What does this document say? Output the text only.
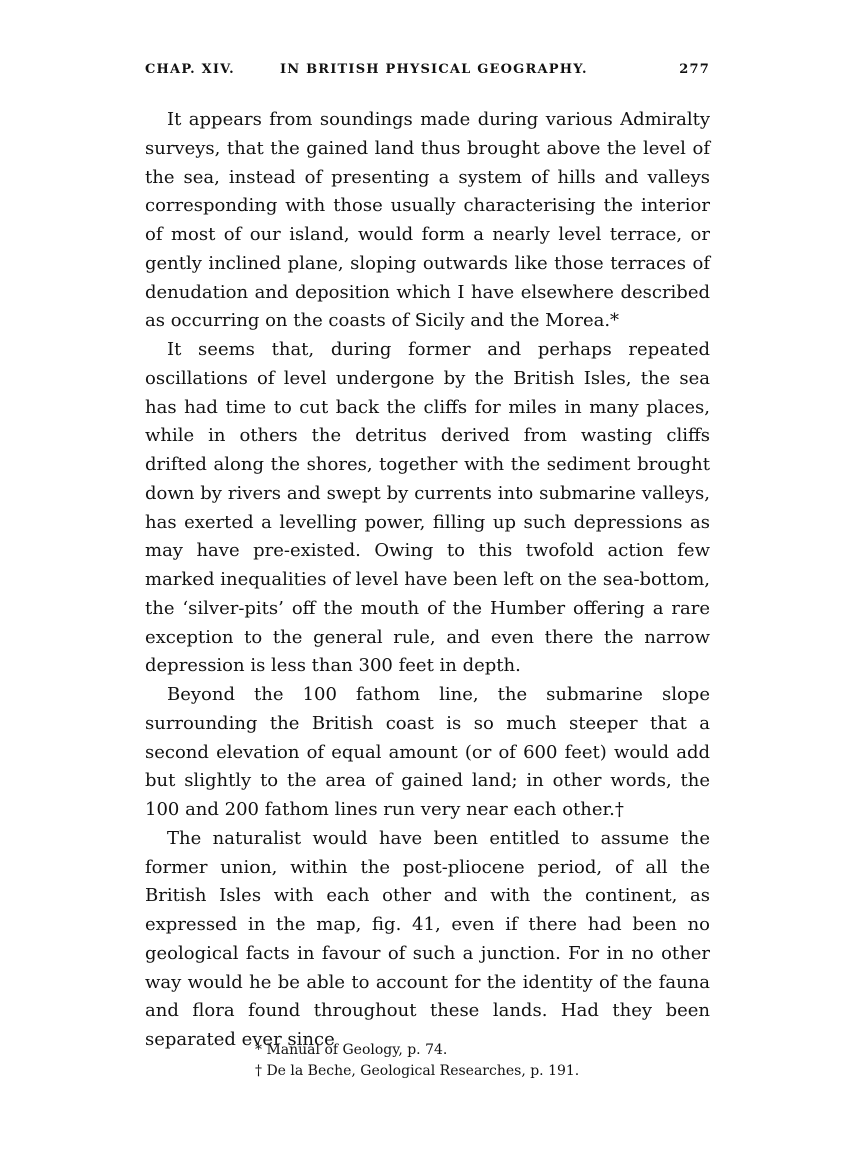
CHAP. XIV.	IN BRITISH PHYSICAL GEOGRAPHY.	277

It appears from soundings made during various Admiralty surveys, that the gained land thus brought above the level of the sea, instead of presenting a system of hills and valleys corresponding with those usually characterising the interior of most of our island, would form a nearly level terrace, or gently inclined plane, sloping outwards like those terraces of denudation and deposition which I have elsewhere described as occurring on the coasts of Sicily and the Morea.*

It seems that, during former and perhaps repeated oscillations of level undergone by the British Isles, the sea has had time to cut back the cliffs for miles in many places, while in others the detritus derived from wasting cliffs drifted along the shores, together with the sediment brought down by rivers and swept by currents into submarine valleys, has exerted a levelling power, filling up such depressions as may have pre-existed. Owing to this twofold action few marked inequalities of level have been left on the sea-bottom, the ‘silver-pits’ off the mouth of the Humber offering a rare exception to the general rule, and even there the narrow depression is less than 300 feet in depth.

Beyond the 100 fathom line, the submarine slope surrounding the British coast is so much steeper that a second elevation of equal amount (or of 600 feet) would add but slightly to the area of gained land; in other words, the 100 and 200 fathom lines run very near each other.†

The naturalist would have been entitled to assume the former union, within the post-pliocene period, of all the British Isles with each other and with the continent, as expressed in the map, fig. 41, even if there had been no geological facts in favour of such a junction. For in no other way would he be able to account for the identity of the fauna and flora found throughout these lands. Had they been separated ever since

* Manual of Geology, p. 74.
† De la Beche, Geological Researches, p. 191.
